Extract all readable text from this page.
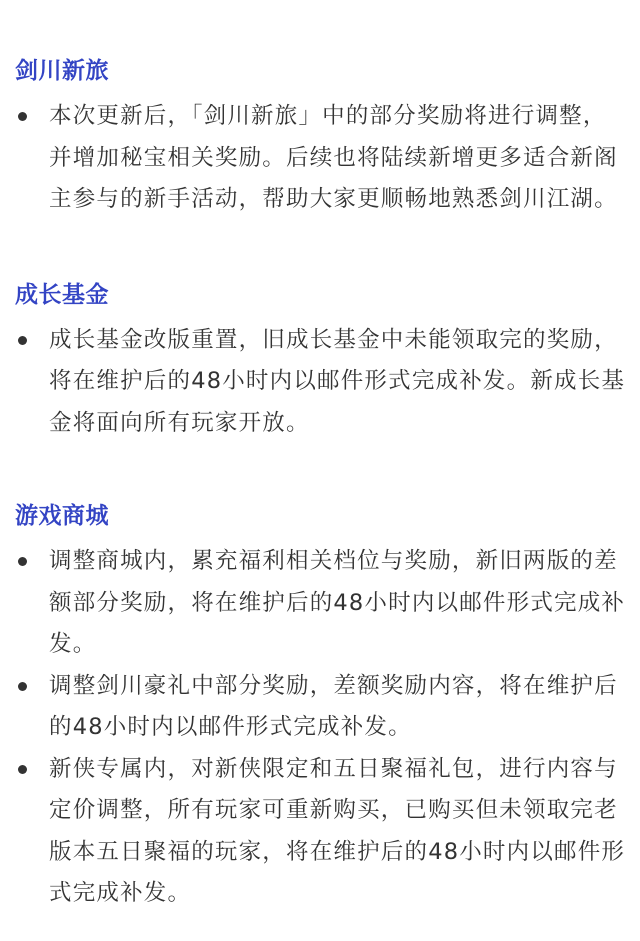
剑川新旅
本次更新后，「剑川新旅」中的部分奖励将进行调整，并增加秘宝相关奖励。后续也将陆续新增更多适合新阁主参与的新手活动，帮助大家更顺畅地熟悉剑川江湖。
成长基金
成长基金改版重置，旧成长基金中未能领取完的奖励，将在维护后的48小时内以邮件形式完成补发。新成长基金将面向所有玩家开放。
游戏商城
调整商城内，累充福利相关档位与奖励，新旧两版的差额部分奖励，将在维护后的48小时内以邮件形式完成补发。
调整剑川豪礼中部分奖励，差额奖励内容，将在维护后的48小时内以邮件形式完成补发。
新侠专属内，对新侠限定和五日聚福礼包，进行内容与定价调整，所有玩家可重新购买，已购买但未领取完老版本五日聚福的玩家，将在维护后的48小时内以邮件形式完成补发。
